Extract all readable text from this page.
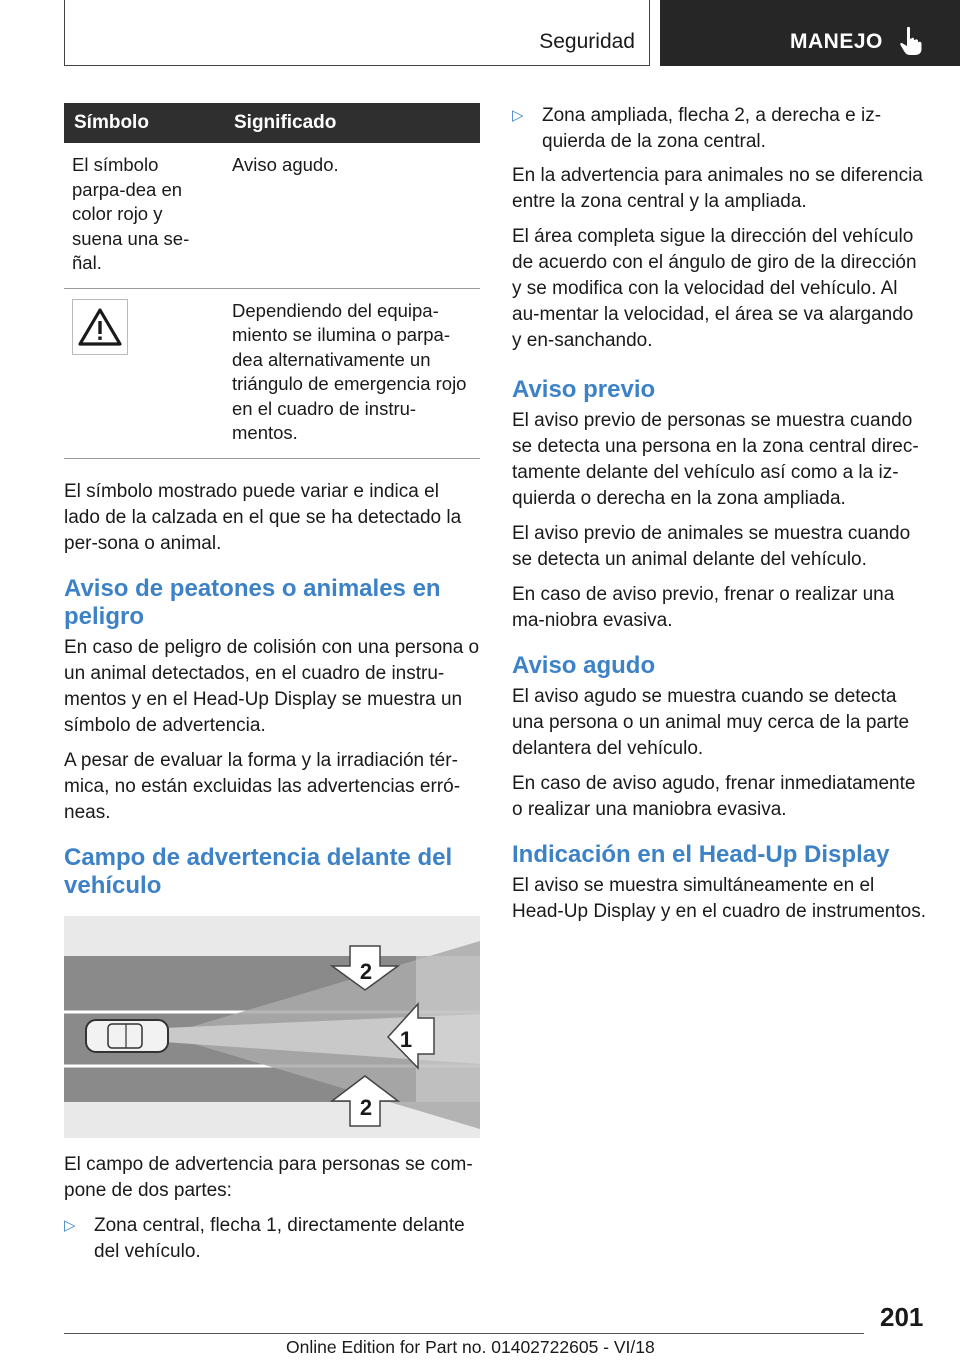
Seguridad	MANEJO
Símbolo	Significado
El símbolo parpa-dea en color rojo y suena una se-ñal.	Aviso agudo.

	Dependiendo del equipa-miento se ilumina o parpa-dea alternativamente un triángulo de emergencia rojo en el cuadro de instru-mentos.

El símbolo mostrado puede variar e indica el lado de la calzada en el que se ha detectado la per-sona o animal.

Aviso de peatones o animales en peligro

En caso de peligro de colisión con una persona o un animal detectados, en el cuadro de instru-mentos y en el Head-Up Display se muestra un símbolo de advertencia.

A pesar de evaluar la forma y la irradiación tér-mica, no están excluidas las advertencias erró-neas.

Campo de advertencia delante del vehículo
2
1
2

El campo de advertencia para personas se com-pone de dos partes:

▷ Zona central, flecha 1, directamente delante del vehículo.
▷ Zona ampliada, flecha 2, a derecha e iz-quierda de la zona central.

En la advertencia para animales no se diferencia entre la zona central y la ampliada.

El área completa sigue la dirección del vehículo de acuerdo con el ángulo de giro de la dirección y se modifica con la velocidad del vehículo. Al au-mentar la velocidad, el área se va alargando y en-sanchando.

Aviso previo

El aviso previo de personas se muestra cuando se detecta una persona en la zona central direc-tamente delante del vehículo así como a la iz-quierda o derecha en la zona ampliada.

El aviso previo de animales se muestra cuando se detecta un animal delante del vehículo.

En caso de aviso previo, frenar o realizar una ma-niobra evasiva.

Aviso agudo

El aviso agudo se muestra cuando se detecta una persona o un animal muy cerca de la parte delantera del vehículo.

En caso de aviso agudo, frenar inmediatamente o realizar una maniobra evasiva.

Indicación en el Head-Up Display

El aviso se muestra simultáneamente en el Head-Up Display y en el cuadro de instrumentos.

201
Online Edition for Part no. 01402722605 - VI/18
